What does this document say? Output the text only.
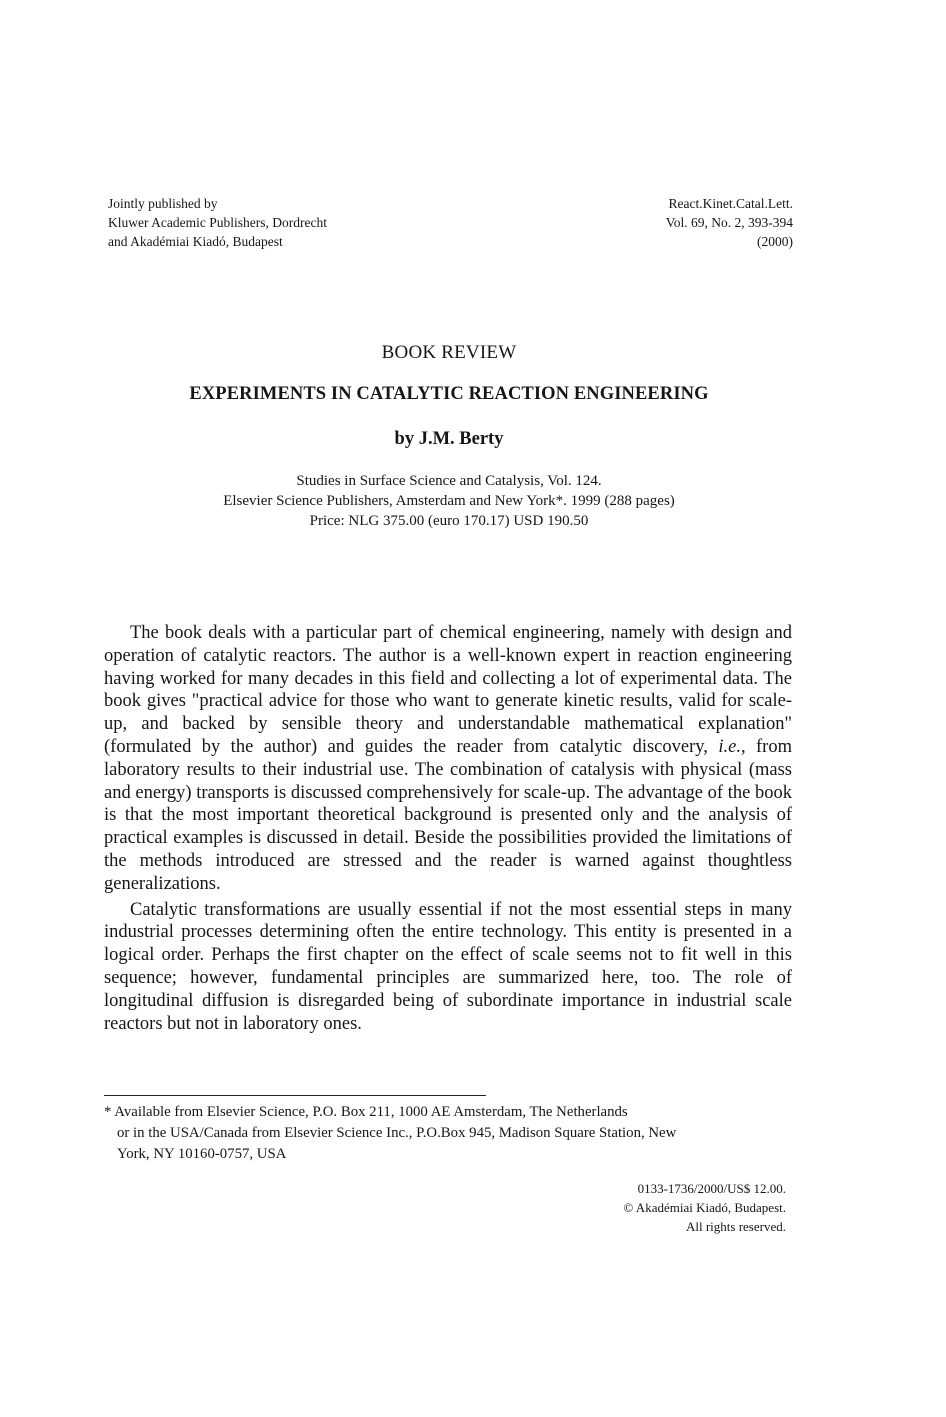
Jointly published by
Kluwer Academic Publishers, Dordrecht
and Akadémiai Kiadó, Budapest
React.Kinet.Catal.Lett.
Vol. 69, No. 2, 393-394
(2000)
BOOK REVIEW
EXPERIMENTS IN CATALYTIC REACTION ENGINEERING
by J.M. Berty
Studies in Surface Science and Catalysis, Vol. 124.
Elsevier Science Publishers, Amsterdam and New York*. 1999 (288 pages)
Price: NLG 375.00 (euro 170.17) USD 190.50

The book deals with a particular part of chemical engineering, namely with design and operation of catalytic reactors. The author is a well-known expert in reaction engineering having worked for many decades in this field and collecting a lot of experimental data. The book gives "practical advice for those who want to generate kinetic results, valid for scale-up, and backed by sensible theory and understandable mathematical explanation" (formulated by the author) and guides the reader from catalytic discovery, i.e., from laboratory results to their industrial use. The combination of catalysis with physical (mass and energy) transports is discussed comprehensively for scale-up. The advantage of the book is that the most important theoretical background is presented only and the analysis of practical examples is discussed in detail. Beside the possibilities provided the limitations of the methods introduced are stressed and the reader is warned against thoughtless generalizations.

Catalytic transformations are usually essential if not the most essential steps in many industrial processes determining often the entire technology. This entity is presented in a logical order. Perhaps the first chapter on the effect of scale seems not to fit well in this sequence; however, fundamental principles are summarized here, too. The role of longitudinal diffusion is disregarded being of subordinate importance in industrial scale reactors but not in laboratory ones.

* Available from Elsevier Science, P.O. Box 211, 1000 AE Amsterdam, The Netherlands
or in the USA/Canada from Elsevier Science Inc., P.O.Box 945, Madison Square Station, New
York, NY 10160-0757, USA
0133-1736/2000/US$ 12.00.
© Akadémiai Kiadó, Budapest.
All rights reserved.
